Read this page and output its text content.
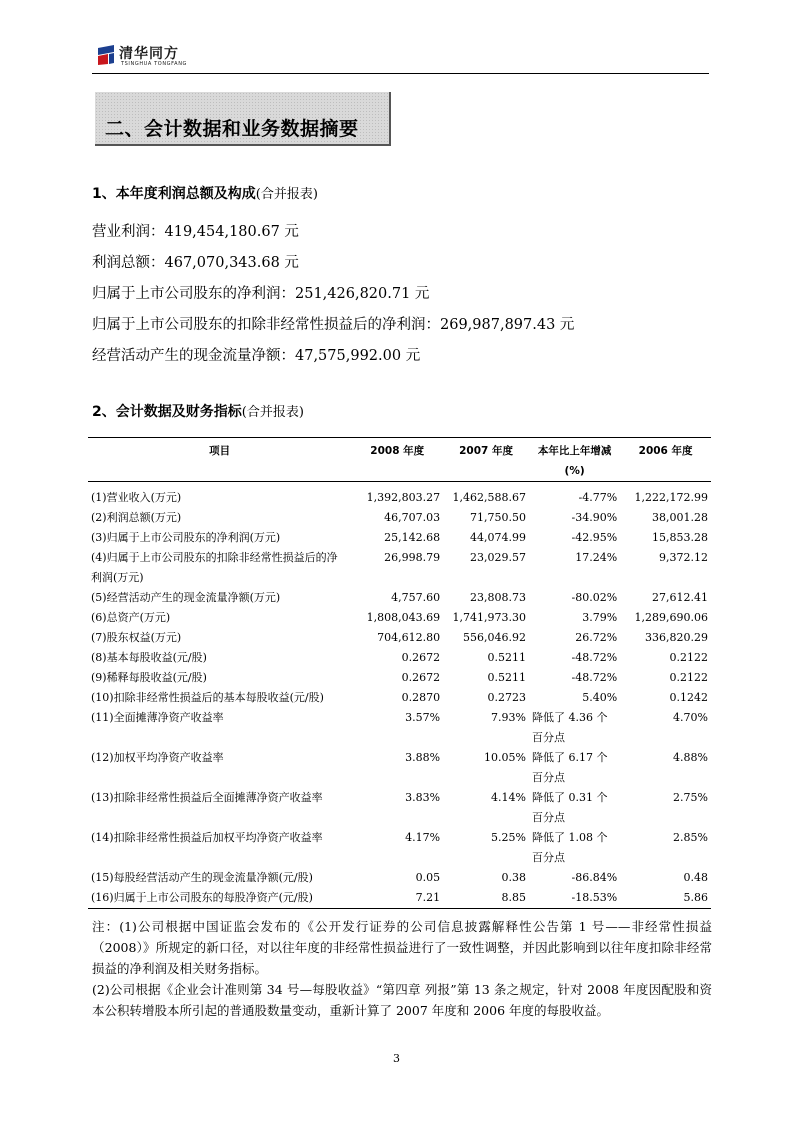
清华同方
TSINGHUA TONGFANG
二、会计数据和业务数据摘要
1、本年度利润总额及构成(合并报表)
营业利润：419,454,180.67 元
利润总额：467,070,343.68 元
归属于上市公司股东的净利润：251,426,820.71 元
归属于上市公司股东的扣除非经常性损益后的净利润：269,987,897.43 元
经营活动产生的现金流量净额：47,575,992.00 元
2、会计数据及财务指标(合并报表)
项目	2008 年度	2007 年度	本年比上年增减(%)	2006 年度
(1)营业收入(万元)	1,392,803.27	1,462,588.67	-4.77%	1,222,172.99
(2)利润总额(万元)	46,707.03	71,750.50	-34.90%	38,001.28
(3)归属于上市公司股东的净利润(万元)	25,142.68	44,074.99	-42.95%	15,853.28
(4)归属于上市公司股东的扣除非经常性损益后的净利润(万元)	26,998.79	23,029.57	17.24%	9,372.12
(5)经营活动产生的现金流量净额(万元)	4,757.60	23,808.73	-80.02%	27,612.41
(6)总资产(万元)	1,808,043.69	1,741,973.30	3.79%	1,289,690.06
(7)股东权益(万元)	704,612.80	556,046.92	26.72%	336,820.29
(8)基本每股收益(元/股)	0.2672	0.5211	-48.72%	0.2122
(9)稀释每股收益(元/股)	0.2672	0.5211	-48.72%	0.2122
(10)扣除非经常性损益后的基本每股收益(元/股)	0.2870	0.2723	5.40%	0.1242
(11)全面摊薄净资产收益率	3.57%	7.93%	降低了 4.36 个百分点	4.70%
(12)加权平均净资产收益率	3.88%	10.05%	降低了 6.17 个百分点	4.88%
(13)扣除非经常性损益后全面摊薄净资产收益率	3.83%	4.14%	降低了 0.31 个百分点	2.75%
(14)扣除非经常性损益后加权平均净资产收益率	4.17%	5.25%	降低了 1.08 个百分点	2.85%
(15)每股经营活动产生的现金流量净额(元/股)	0.05	0.38	-86.84%	0.48
(16)归属于上市公司股东的每股净资产(元/股)	7.21	8.85	-18.53%	5.86

注：(1)公司根据中国证监会发布的《公开发行证券的公司信息披露解释性公告第 1 号——非经常性损益（2008）》所规定的新口径，对以往年度的非经常性损益进行了一致性调整，并因此影响到以往年度扣除非经常损益的净利润及相关财务指标。

(2)公司根据《企业会计准则第 34 号—每股收益》“第四章 列报”第 13 条之规定，针对 2008 年度因配股和资本公积转增股本所引起的普通股数量变动，重新计算了 2007 年度和 2006 年度的每股收益。

3
